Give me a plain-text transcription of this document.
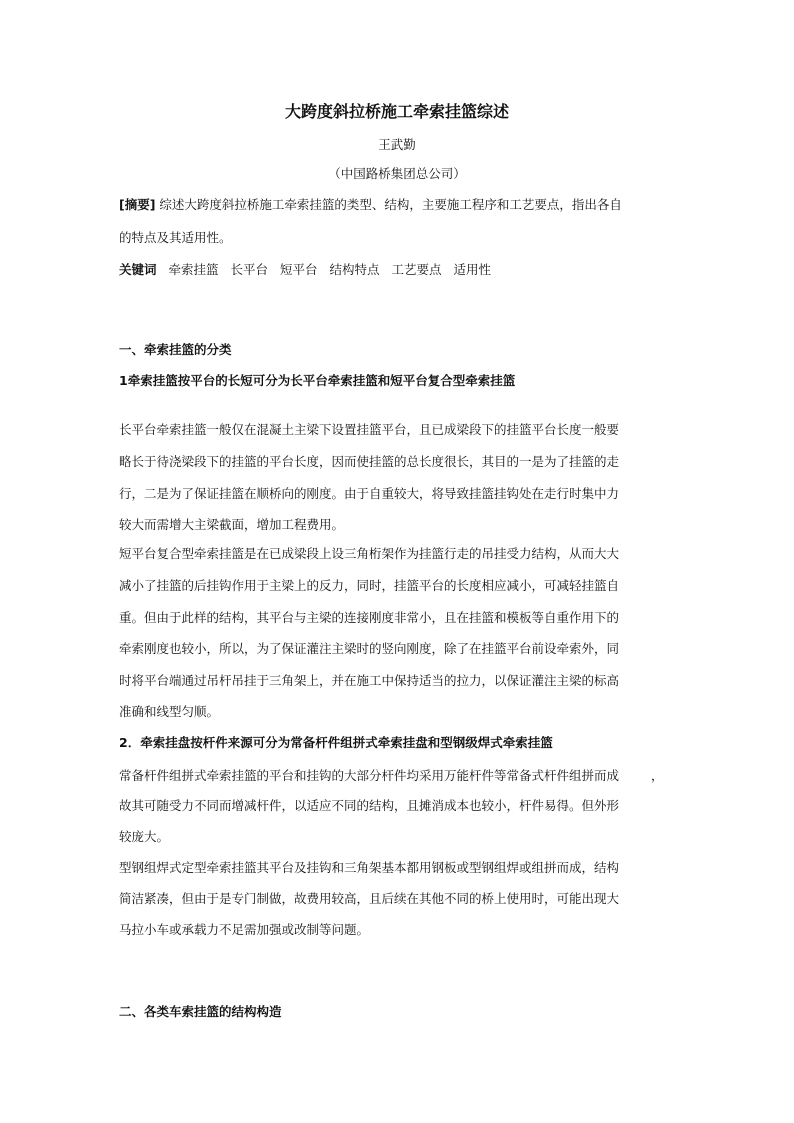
大跨度斜拉桥施工牵索挂篮综述
王武勤
（中国路桥集团总公司）
[摘要] 综述大跨度斜拉桥施工牵索挂篮的类型、结构，主要施工程序和工艺要点，指出各自
的特点及其适用性。
关键词 牵索挂篮 长平台 短平台 结构特点 工艺要点 适用性
一、牵索挂篮的分类
1牵索挂篮按平台的长短可分为长平台牵索挂篮和短平台复合型牵索挂篮
长平台牵索挂篮一般仅在混凝土主梁下设置挂篮平台，且已成梁段下的挂篮平台长度一般要
略长于待浇梁段下的挂篮的平台长度，因而使挂篮的总长度很长，其目的一是为了挂篮的走
行，二是为了保证挂篮在顺桥向的刚度。由于自重较大，将导致挂篮挂钩处在走行时集中力
较大而需增大主梁截面，增加工程费用。
短平台复合型牵索挂篮是在已成梁段上设三角桁架作为挂篮行走的吊挂受力结构，从而大大
减小了挂篮的后挂钩作用于主梁上的反力，同时，挂篮平台的长度相应减小，可减轻挂篮自
重。但由于此样的结构，其平台与主梁的连接刚度非常小，且在挂篮和模板等自重作用下的
牵索刚度也较小，所以，为了保证灌注主梁时的竖向刚度，除了在挂篮平台前设牵索外，同
时将平台端通过吊杆吊挂于三角架上，并在施工中保持适当的拉力，以保证灌注主梁的标高
准确和线型匀顺。
2．牵索挂盘按杆件来源可分为常备杆件组拼式牵索挂盘和型钢级焊式牵索挂篮
常备杆件组拼式牵索挂篮的平台和挂钩的大部分杆件均采用万能杆件等常备式杆件组拼而成	，
故其可随受力不同而增减杆件，以适应不同的结构，且摊消成本也较小，杆件易得。但外形
较庞大。
型钢组焊式定型牵索挂篮其平台及挂钩和三角架基本都用钢板或型钢组焊或组拼而成，结构
简洁紧凑，但由于是专门制做，故费用较高，且后续在其他不同的桥上使用时，可能出现大
马拉小车或承载力不足需加强或改制等问题。
二、各类车索挂篮的结构构造
